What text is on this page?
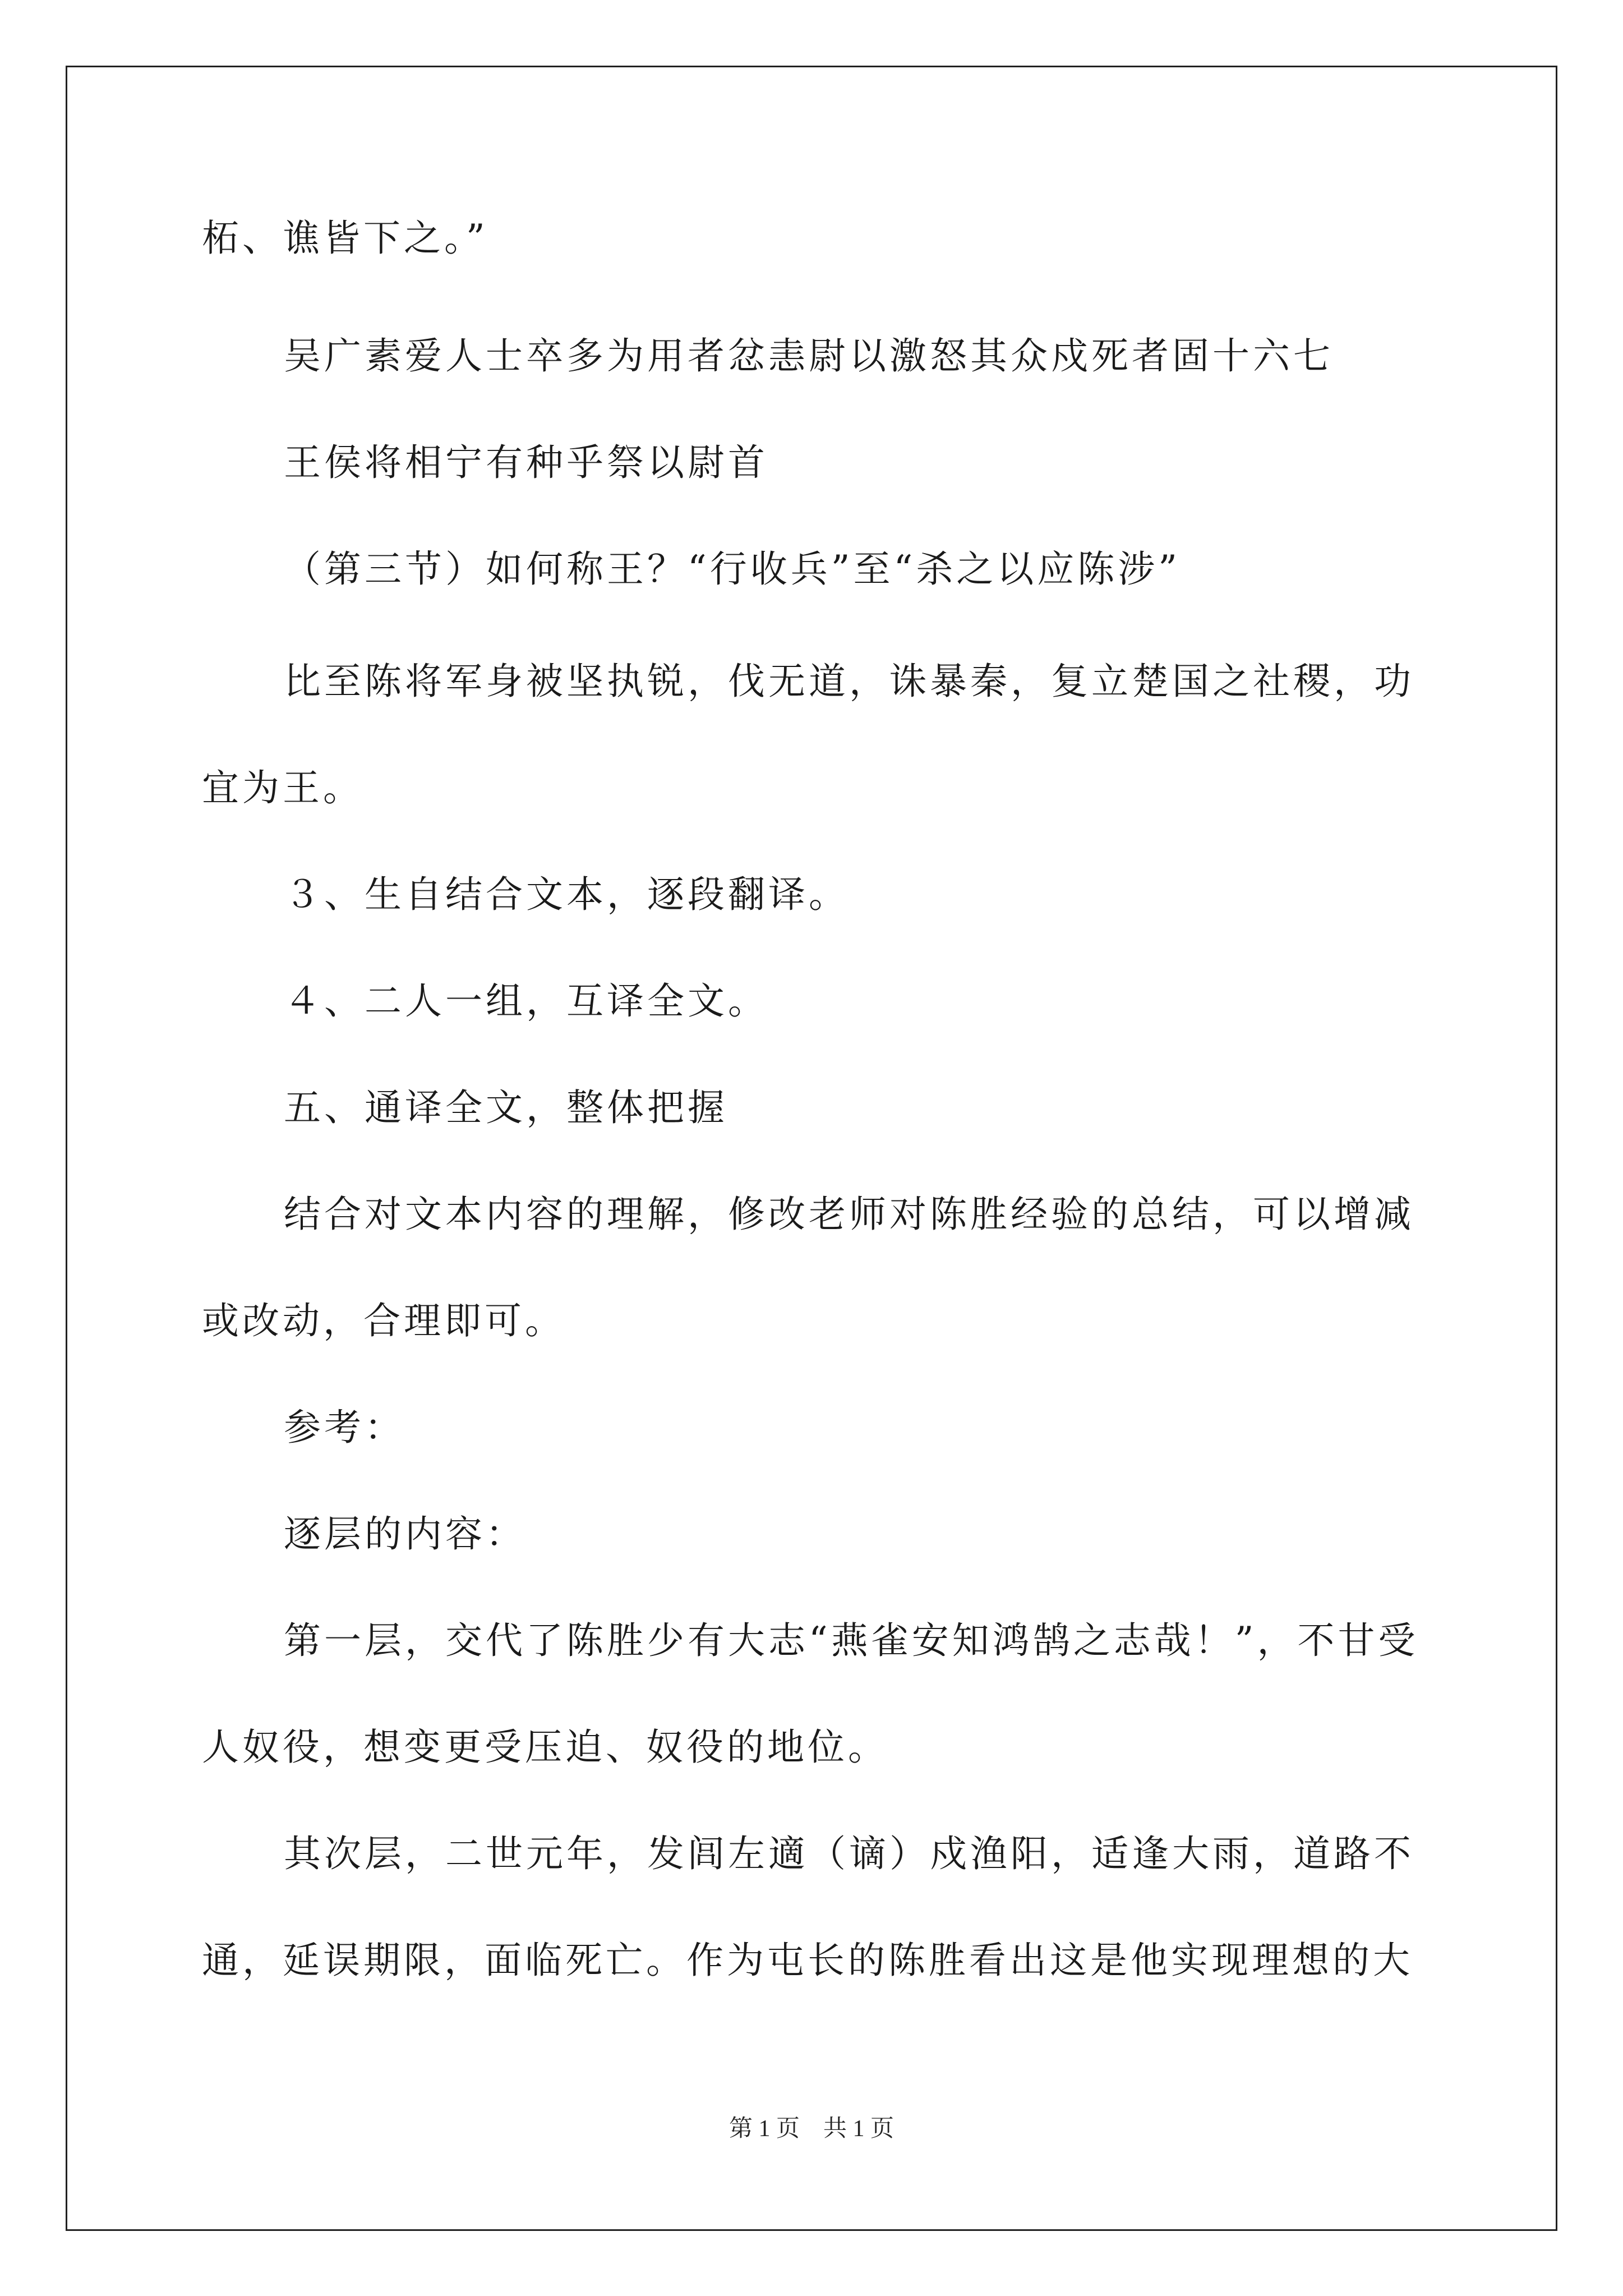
柘、谯皆下之。”
吴广素爱人士卒多为用者忿恚尉以激怒其众戍死者固十六七
王侯将相宁有种乎祭以尉首
（第三节）如何称王？“行收兵”至“杀之以应陈涉”
比至陈将军身被坚执锐，伐无道，诛暴秦，复立楚国之社稷，功
宜为王。
３、生自结合文本，逐段翻译。
４、二人一组，互译全文。
五、通译全文，整体把握
结合对文本内容的理解，修改老师对陈胜经验的总结，可以增减
或改动，合理即可。
参考：
逐层的内容：
第一层，交代了陈胜少有大志“燕雀安知鸿鹄之志哉！”，不甘受
人奴役，想变更受压迫、奴役的地位。
其次层，二世元年，发闾左適（谪）戍渔阳，适逢大雨，道路不
通，延误期限，面临死亡。作为屯长的陈胜看出这是他实现理想的大
第 1 页　共 1 页
